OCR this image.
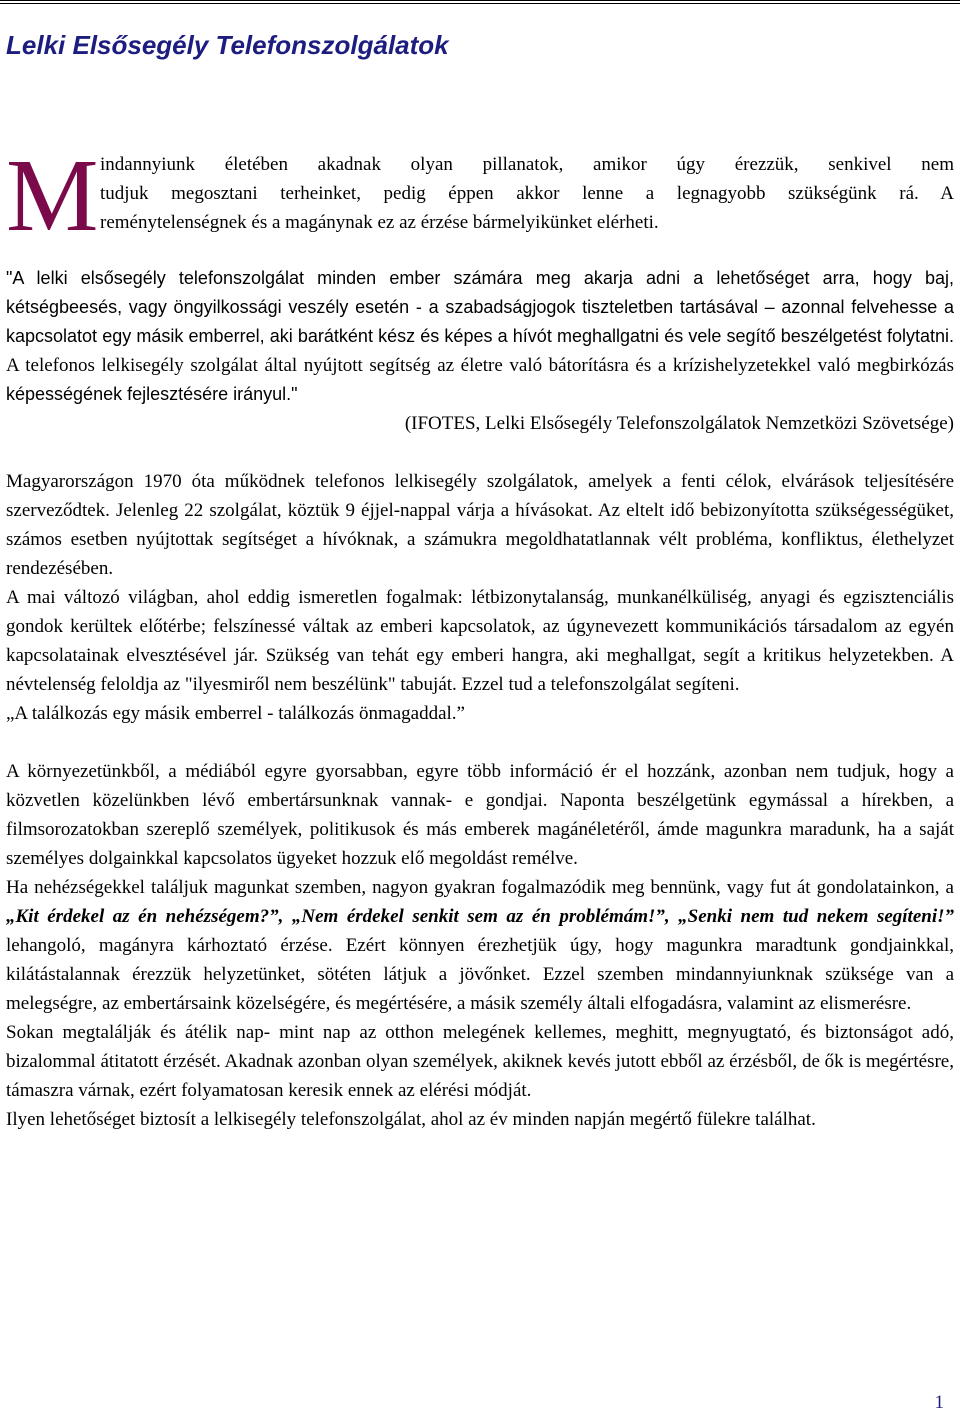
Lelki Elsősegély Telefonszolgálatok
M indannyiunk életében akadnak olyan pillanatok, amikor úgy érezzük, senkivel nem
tudjuk megosztani terheinket, pedig éppen akkor lenne a legnagyobb szükségünk rá. A
reménytelenségnek és a magánynak ez az érzése bármelyikünket elérheti.

"A lelki elsősegély telefonszolgálat minden ember számára meg akarja adni a lehetőséget arra, hogy baj, kétségbeesés, vagy öngyilkossági veszély esetén - a szabadságjogok tiszteletben tartásával – azonnal felvehesse a kapcsolatot egy másik emberrel, aki barátként kész és képes a hívót meghallgatni és vele segítő beszélgetést folytatni. A telefonos lelkisegély szolgálat által nyújtott segítség az életre való bátorításra és a krízishelyzetekkel való megbirkózás képességének fejlesztésére irányul."

(IFOTES, Lelki Elsősegély Telefonszolgálatok Nemzetközi Szövetsége)

Magyarországon 1970 óta működnek telefonos lelkisegély szolgálatok, amelyek a fenti célok, elvárások teljesítésére szerveződtek. Jelenleg 22 szolgálat, köztük 9 éjjel-nappal várja a hívásokat. Az eltelt idő bebizonyította szükségességüket, számos esetben nyújtottak segítséget a hívóknak, a számukra megoldhatatlannak vélt probléma, konfliktus, élethelyzet rendezésében.

A mai változó világban, ahol eddig ismeretlen fogalmak: létbizonytalanság, munkanélküliség, anyagi és egzisztenciális gondok kerültek előtérbe; felszínessé váltak az emberi kapcsolatok, az úgynevezett kommunikációs társadalom az egyén kapcsolatainak elvesztésével jár. Szükség van tehát egy emberi hangra, aki meghallgat, segít a kritikus helyzetekben. A névtelenség feloldja az "ilyesmiről nem beszélünk" tabuját. Ezzel tud a telefonszolgálat segíteni.

„A találkozás egy másik emberrel - találkozás önmagaddal.”

A környezetünkből, a médiából egyre gyorsabban, egyre több információ ér el hozzánk, azonban nem tudjuk, hogy a közvetlen közelünkben lévő embertársunknak vannak- e gondjai. Naponta beszélgetünk egymással a hírekben, a filmsorozatokban szereplő személyek, politikusok és más emberek magánéletéről, ámde magunkra maradunk, ha a saját személyes dolgainkkal kapcsolatos ügyeket hozzuk elő megoldást remélve.

Ha nehézségekkel találjuk magunkat szemben, nagyon gyakran fogalmazódik meg bennünk, vagy fut át gondolatainkon, a „Kit érdekel az én nehézségem?”, „Nem érdekel senkit sem az én problémám!”, „Senki nem tud nekem segíteni!” lehangoló, magányra kárhoztató érzése. Ezért könnyen érezhetjük úgy, hogy magunkra maradtunk gondjainkkal, kilátástalannak érezzük helyzetünket, sötéten látjuk a jövőnket. Ezzel szemben mindannyiunknak szüksége van a melegségre, az embertársaink közelségére, és megértésére, a másik személy általi elfogadásra, valamint az elismerésre.

Sokan megtalálják és átélik nap- mint nap az otthon melegének kellemes, meghitt, megnyugtató, és biztonságot adó, bizalommal átitatott érzését. Akadnak azonban olyan személyek, akiknek kevés jutott ebből az érzésből, de ők is megértésre, támaszra várnak, ezért folyamatosan keresik ennek az elérési módját.

Ilyen lehetőséget biztosít a lelkisegély telefonszolgálat, ahol az év minden napján megértő fülekre találhat.

1
